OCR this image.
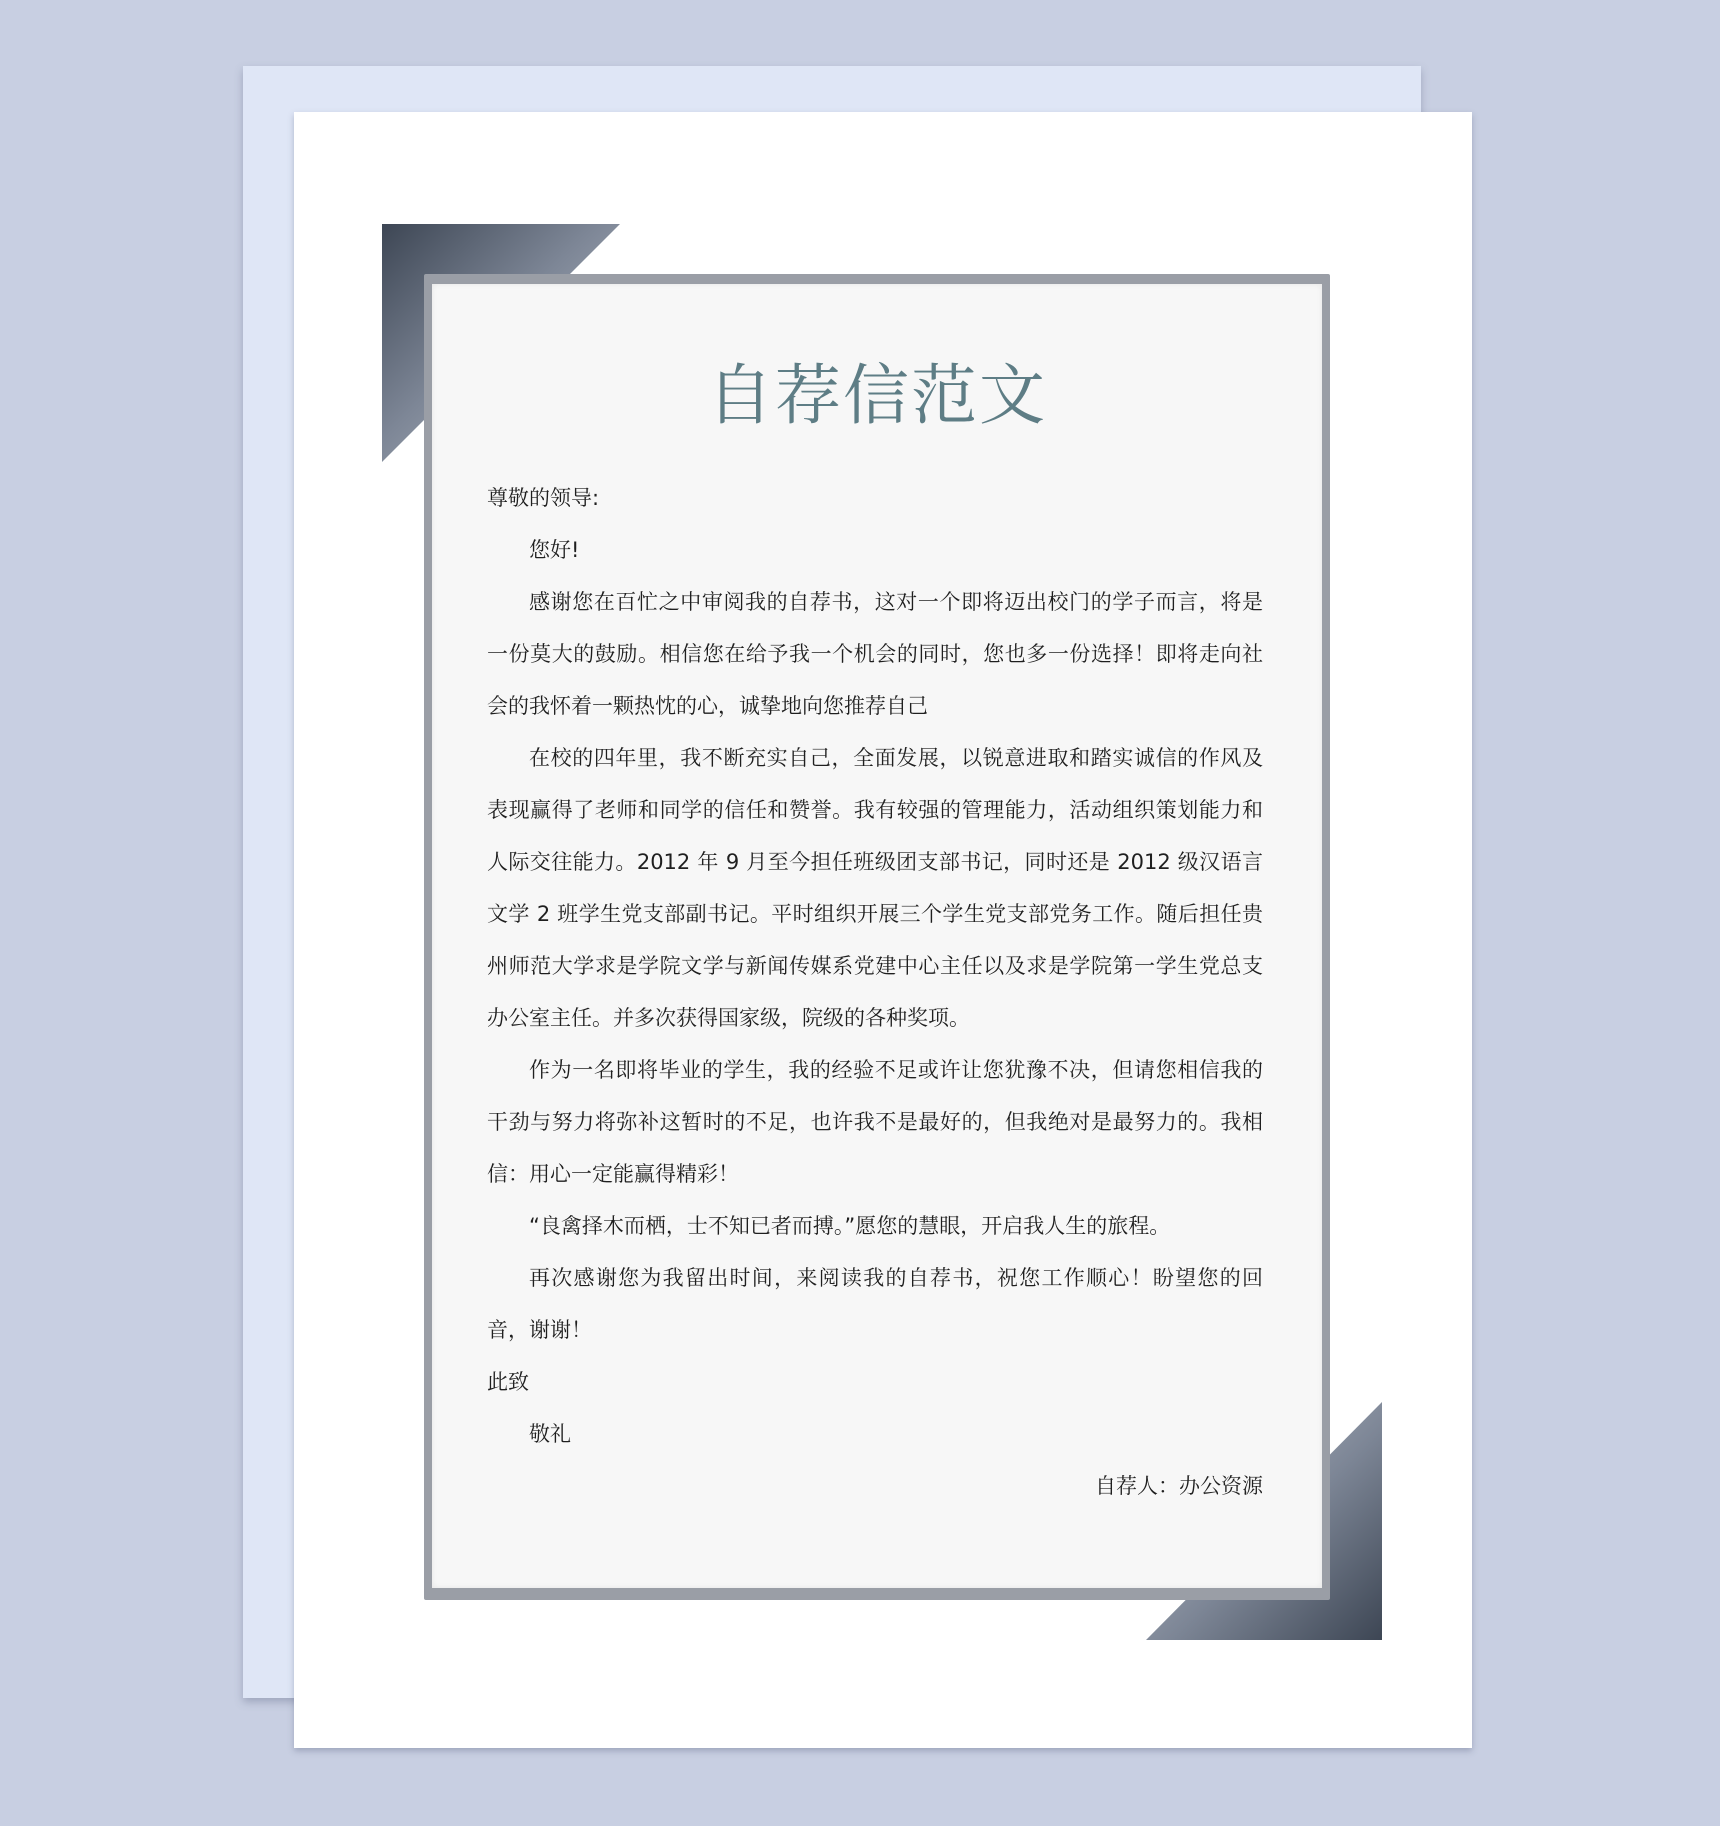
自荐信范文

尊敬的领导:

您好!

感谢您在百忙之中审阅我的自荐书，这对一个即将迈出校门的学子而言，将是一份莫大的鼓励。相信您在给予我一个机会的同时，您也多一份选择！即将走向社会的我怀着一颗热忱的心，诚挚地向您推荐自己

在校的四年里，我不断充实自己，全面发展，以锐意进取和踏实诚信的作风及表现赢得了老师和同学的信任和赞誉。我有较强的管理能力，活动组织策划能力和人际交往能力。2012 年 9 月至今担任班级团支部书记，同时还是 2012 级汉语言文学 2 班学生党支部副书记。平时组织开展三个学生党支部党务工作。随后担任贵州师范大学求是学院文学与新闻传媒系党建中心主任以及求是学院第一学生党总支办公室主任。并多次获得国家级，院级的各种奖项。

作为一名即将毕业的学生，我的经验不足或许让您犹豫不决，但请您相信我的干劲与努力将弥补这暂时的不足，也许我不是最好的，但我绝对是最努力的。我相信：用心一定能赢得精彩！

“良禽择木而栖，士不知已者而搏。”愿您的慧眼，开启我人生的旅程。

再次感谢您为我留出时间，来阅读我的自荐书，祝您工作顺心！盼望您的回音，谢谢！

此致

敬礼

自荐人：办公资源
